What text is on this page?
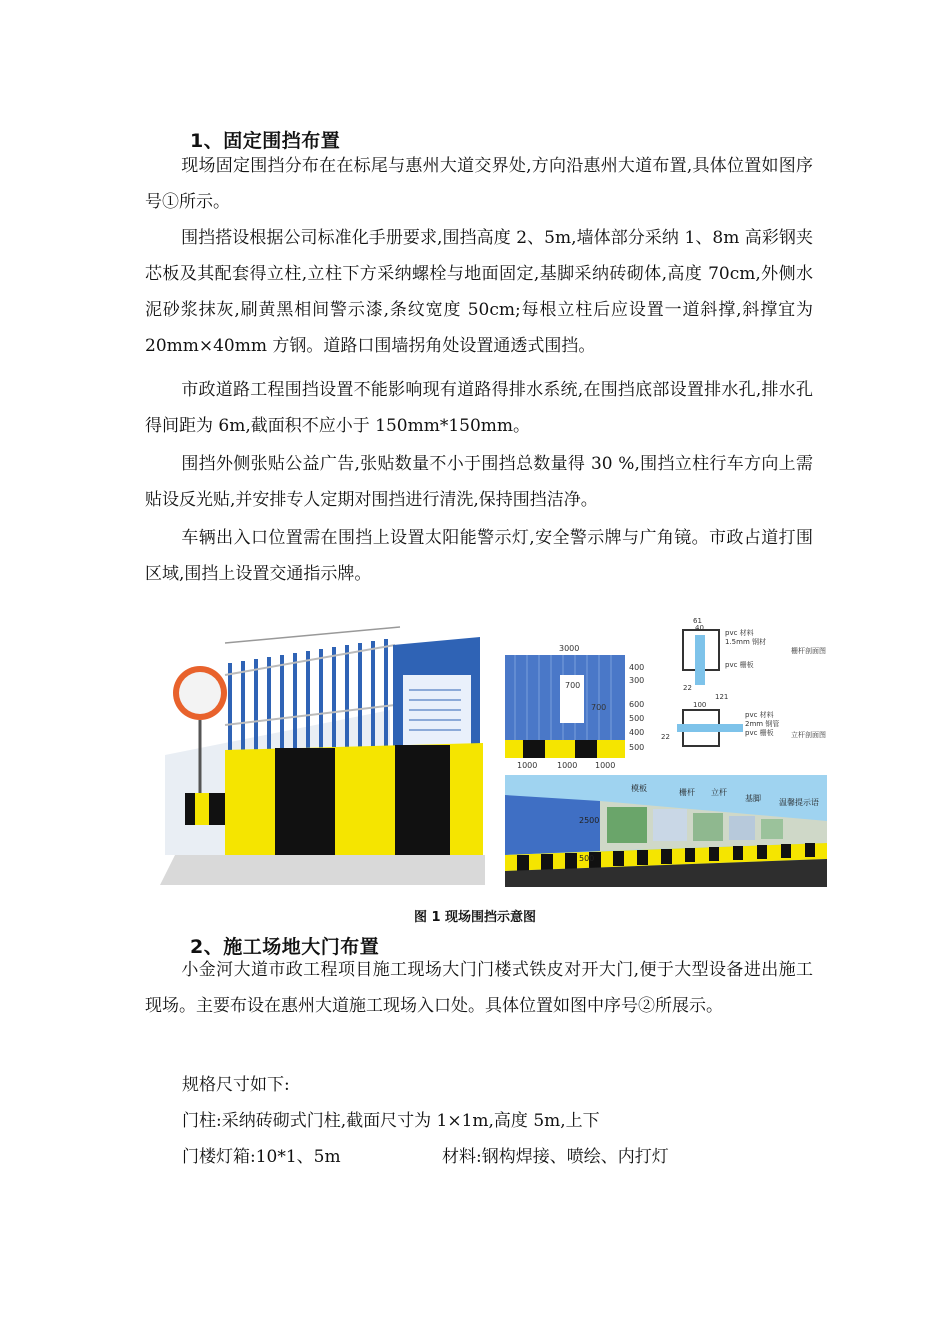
1、固定围挡布置

现场固定围挡分布在在标尾与惠州大道交界处,方向沿惠州大道布置,具体位置如图序号①所示。

围挡搭设根据公司标准化手册要求,围挡高度 2、5m,墙体部分采纳 1、8m 高彩钢夹芯板及其配套得立柱,立柱下方采纳螺栓与地面固定,基脚采纳砖砌体,高度 70cm,外侧水泥砂浆抹灰,刷黄黑相间警示漆,条纹宽度 50cm;每根立柱后应设置一道斜撑,斜撑宜为 20mm×40mm 方钢。道路口围墙拐角处设置通透式围挡。

市政道路工程围挡设置不能影响现有道路得排水系统,在围挡底部设置排水孔,排水孔得间距为 6m,截面积不应小于 150mm*150mm。

围挡外侧张贴公益广告,张贴数量不小于围挡总数量得 30 %,围挡立柱行车方向上需贴设反光贴,并安排专人定期对围挡进行清洗,保持围挡洁净。

车辆出入口位置需在围挡上设置太阳能警示灯,安全警示牌与广角镜。市政占道打围区域,围挡上设置交通指示牌。

3000
400
300
700
700	600
500
400
500
1000 1000 1000
61
40
22
100
121
22
pvc 材料
1.5mm 钢材
pvc 栅板
栅杆剖面图
pvc 材料
2mm 钢管
pvc 栅板 立杆剖面图
2500
500
模板	栅杆 立杆
基脚 温馨提示语
图 1 现场围挡示意图
2、施工场地大门布置

小金河大道市政工程项目施工现场大门门楼式铁皮对开大门,便于大型设备进出施工现场。主要布设在惠州大道施工现场入口处。具体位置如图中序号②所展示。

规格尺寸如下:
门柱:采纳砖砌式门柱,截面尺寸为 1×1m,高度 5m,上下
门楼灯箱:10*1、5m	材料:钢构焊接、喷绘、内打灯
